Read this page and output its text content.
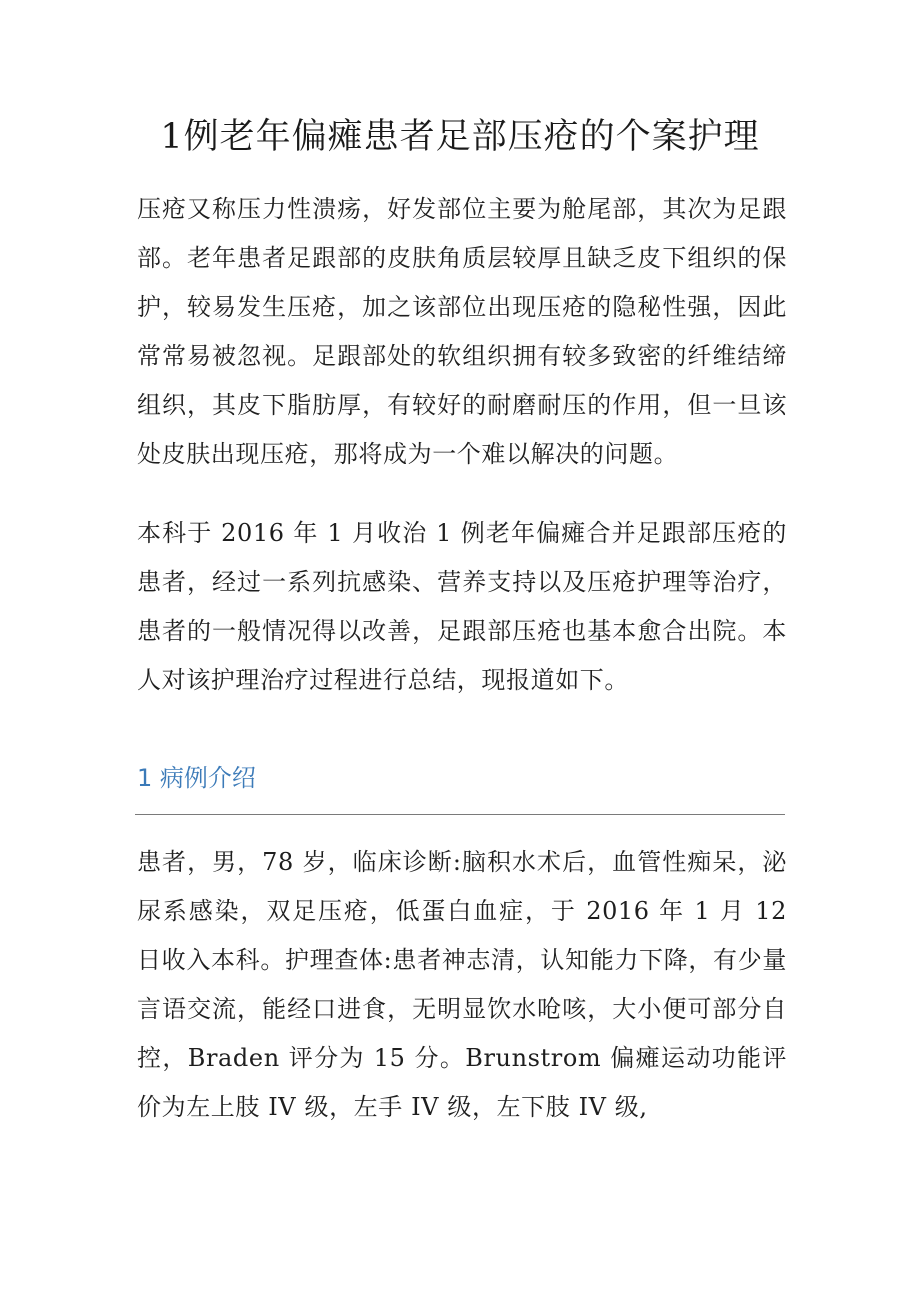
1例老年偏瘫患者足部压疮的个案护理

压疮又称压力性溃疡，好发部位主要为舱尾部，其次为足跟部。老年患者足跟部的皮肤角质层较厚且缺乏皮下组织的保护，较易发生压疮，加之该部位出现压疮的隐秘性强，因此常常易被忽视。足跟部处的软组织拥有较多致密的纤维结缔组织，其皮下脂肪厚，有较好的耐磨耐压的作用，但一旦该处皮肤出现压疮，那将成为一个难以解决的问题。

本科于 2016 年 1 月收治 1 例老年偏瘫合并足跟部压疮的患者，经过一系列抗感染、营养支持以及压疮护理等治疗，患者的一般情况得以改善，足跟部压疮也基本愈合出院。本人对该护理治疗过程进行总结，现报道如下。

1 病例介绍

患者，男，78 岁，临床诊断:脑积水术后，血管性痴呆，泌尿系感染，双足压疮，低蛋白血症，于 2016 年 1 月 12 日收入本科。护理查体:患者神志清，认知能力下降，有少量言语交流，能经口进食，无明显饮水呛咳，大小便可部分自控，Braden 评分为 15 分。Brunstrom 偏瘫运动功能评价为左上肢 IV 级，左手 IV 级，左下肢 IV 级,
